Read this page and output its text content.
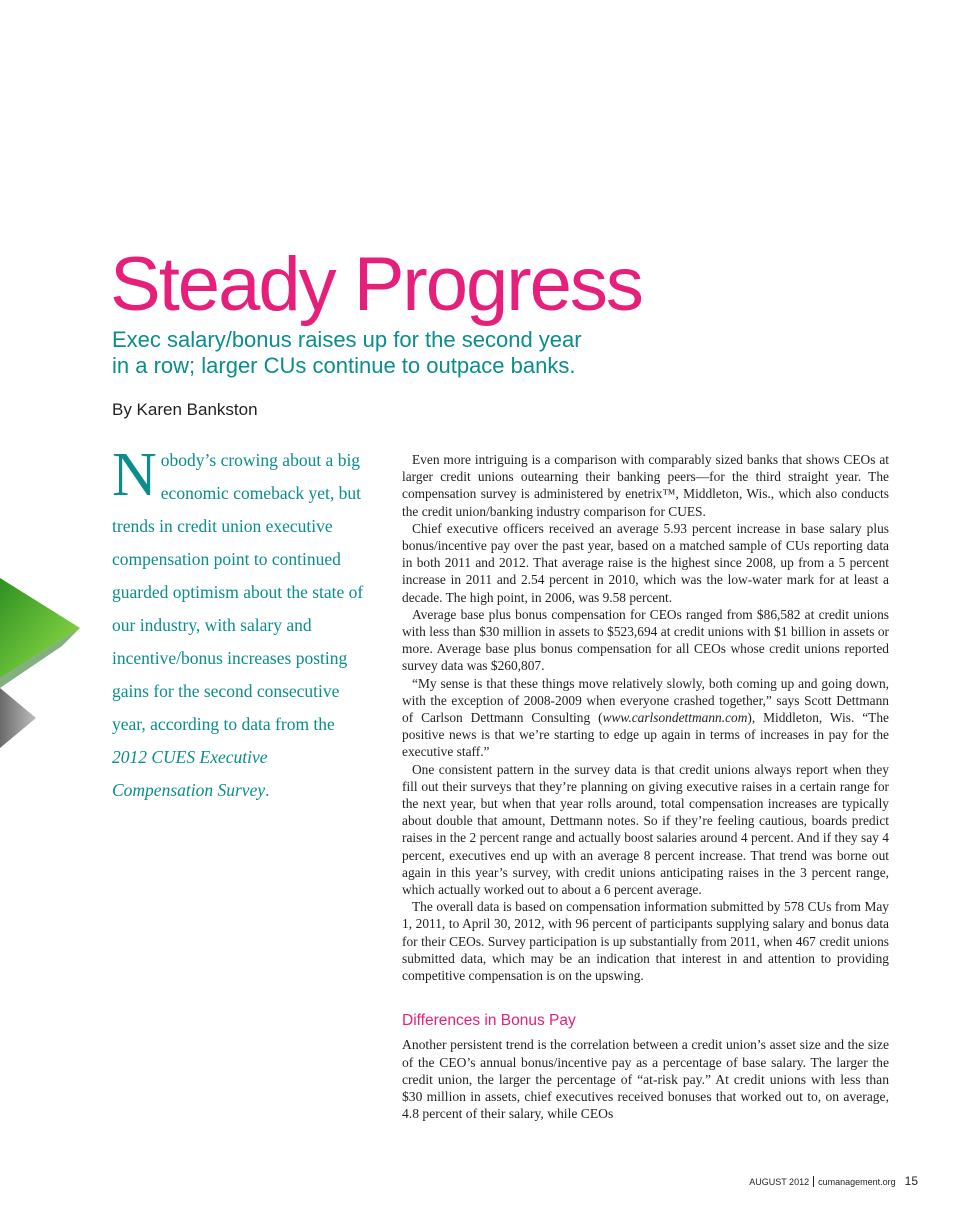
Steady Progress
Exec salary/bonus raises up for the second year
in a row; larger CUs continue to outpace banks.
By Karen Bankston

Nobody’s crowing about a big economic comeback yet, but trends in credit union executive compensation point to continued guarded optimism about the state of our industry, with salary and incentive/bonus increases posting gains for the second consecutive year, according to data from the 2012 CUES Executive Compensation Survey.

Even more intriguing is a comparison with comparably sized banks that shows CEOs at larger credit unions outearning their banking peers—for the third straight year. The compensation survey is administered by enetrix™, Middleton, Wis., which also conducts the credit union/banking industry comparison for CUES.

Chief executive officers received an average 5.93 percent increase in base salary plus bonus/incentive pay over the past year, based on a matched sample of CUs reporting data in both 2011 and 2012. That average raise is the highest since 2008, up from a 5 percent increase in 2011 and 2.54 percent in 2010, which was the low-water mark for at least a decade. The high point, in 2006, was 9.58 percent.

Average base plus bonus compensation for CEOs ranged from $86,582 at credit unions with less than $30 million in assets to $523,694 at credit unions with $1 billion in assets or more. Average base plus bonus compensation for all CEOs whose credit unions reported survey data was $260,807.

“My sense is that these things move relatively slowly, both coming up and going down, with the exception of 2008-2009 when everyone crashed together,” says Scott Dettmann of Carlson Dettmann Consulting (www.carlsondettmann.com), Middleton, Wis. “The positive news is that we’re starting to edge up again in terms of increases in pay for the executive staff.”

One consistent pattern in the survey data is that credit unions always report when they fill out their surveys that they’re planning on giving executive raises in a certain range for the next year, but when that year rolls around, total compensation increases are typically about double that amount, Dettmann notes. So if they’re feeling cautious, boards predict raises in the 2 percent range and actually boost salaries around 4 percent. And if they say 4 percent, executives end up with an average 8 percent increase. That trend was borne out again in this year’s survey, with credit unions anticipating raises in the 3 percent range, which actually worked out to about a 6 percent average.

The overall data is based on compensation information submitted by 578 CUs from May 1, 2011, to April 30, 2012, with 96 percent of participants supplying salary and bonus data for their CEOs. Survey participation is up substantially from 2011, when 467 credit unions submitted data, which may be an indication that interest in and attention to providing competitive compensation is on the upswing.

Differences in Bonus Pay

Another persistent trend is the correlation between a credit union’s asset size and the size of the CEO’s annual bonus/incentive pay as a percentage of base salary. The larger the credit union, the larger the percentage of “at-risk pay.” At credit unions with less than $30 million in assets, chief executives received bonuses that worked out to, on average, 4.8 percent of their salary, while CEOs

AUGUST 2012 cumanagement.org 15
